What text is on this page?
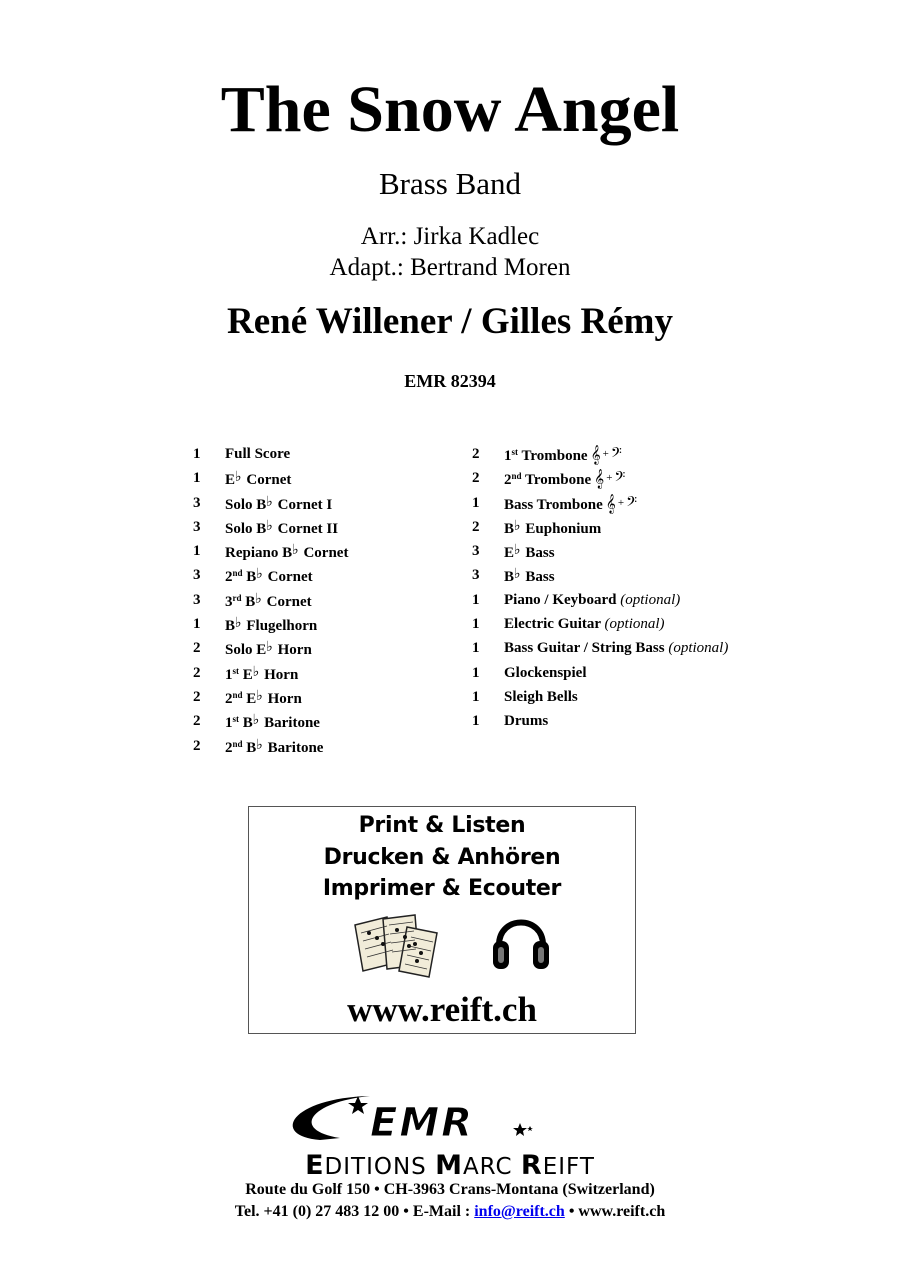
The Snow Angel
Brass Band
Arr.: Jirka Kadlec
Adapt.: Bertrand Moren
René Willener / Gilles Rémy
EMR 82394
1	Full Score
1	E♭ Cornet
3	Solo B♭ Cornet I
3	Solo B♭ Cornet II
1	Repiano B♭ Cornet
3	2nd B♭ Cornet
3	3rd B♭ Cornet
1	B♭ Flugelhorn
2	Solo E♭ Horn
2	1st E♭ Horn
2	2nd E♭ Horn
2	1st B♭ Baritone
2	2nd B♭ Baritone
2	1st Trombone 𝄞 + 𝄢
2	2nd Trombone 𝄞 + 𝄢
1	Bass Trombone 𝄞 + 𝄢
2	B♭ Euphonium
3	E♭ Bass
3	B♭ Bass
1	Piano / Keyboard (optional)
1	Electric Guitar (optional)
1	Bass Guitar / String Bass (optional)
1	Glockenspiel
1	Sleigh Bells
1	Drums
Print & Listen
Drucken & Anhören
Imprimer & Ecouter
www.reift.ch
EMR
EDITIONS MARC REIFT
Route du Golf 150 • CH-3963 Crans-Montana (Switzerland)
Tel. +41 (0) 27 483 12 00 • E-Mail : info@reift.ch • www.reift.ch
